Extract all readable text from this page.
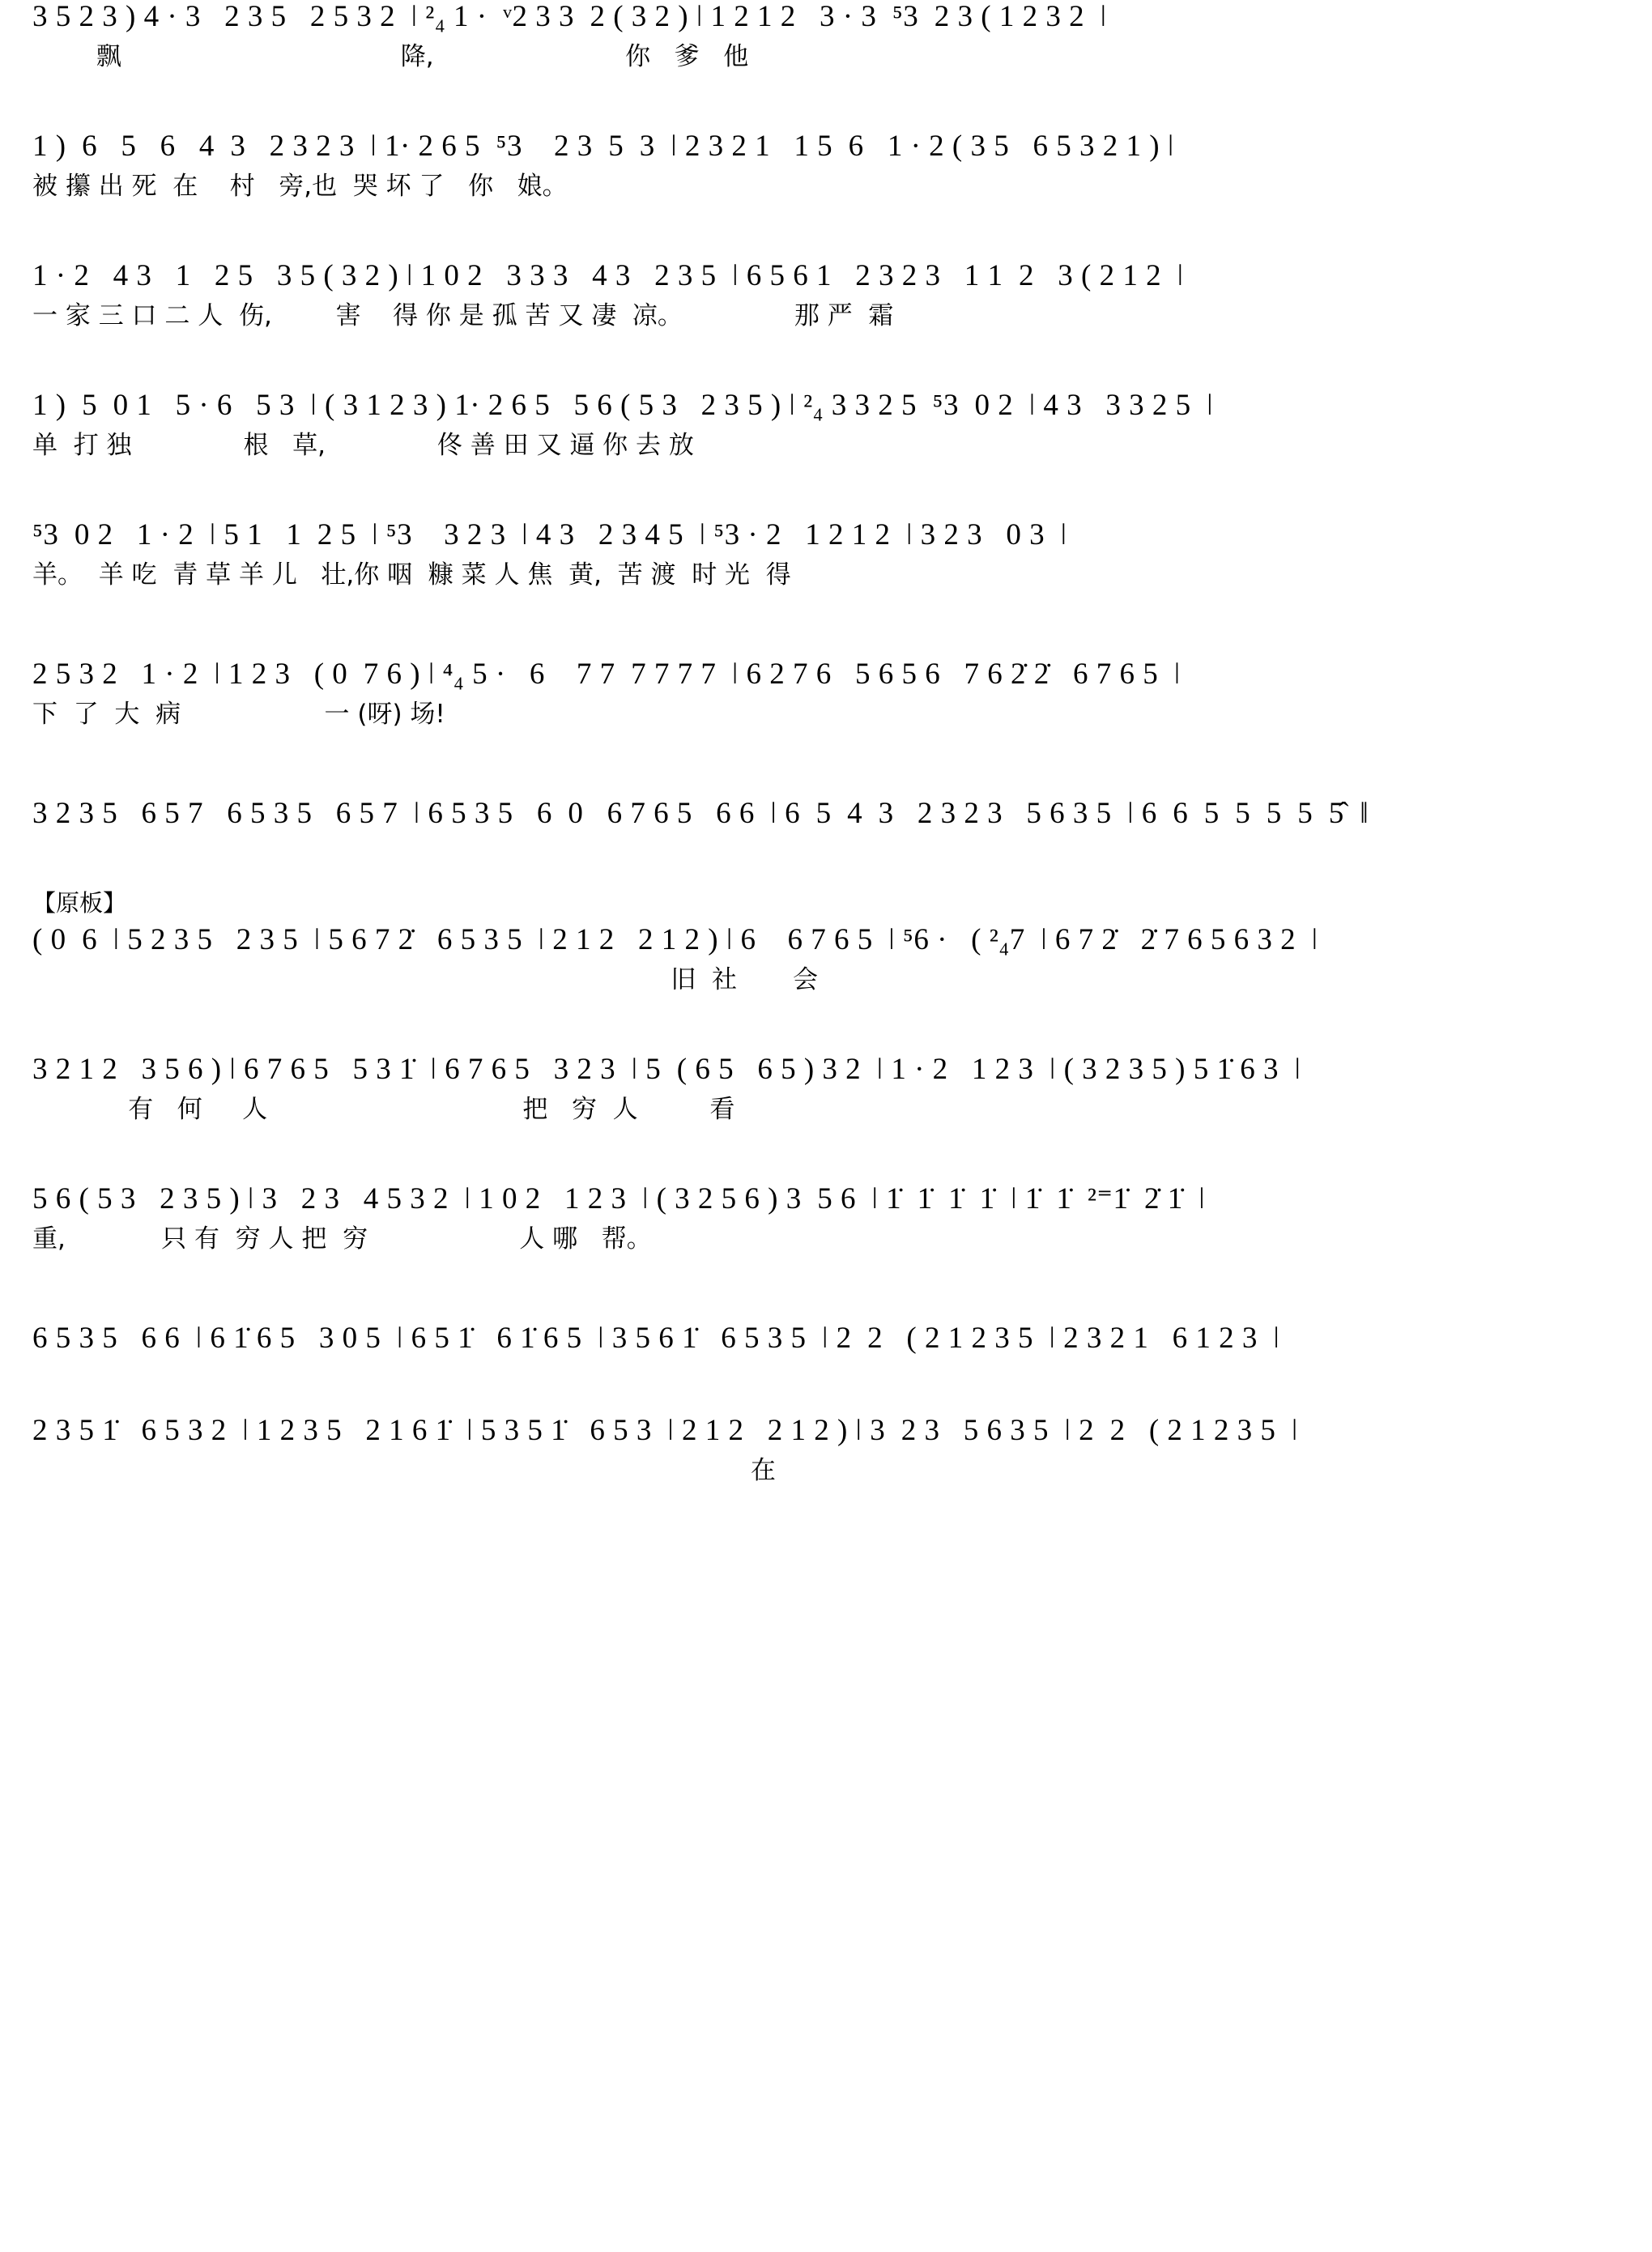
3 5 2 3 ) 4 · 3   2 3 5   2 5 3 2  ǀ ²₄ 1 ·  ᵛ2 3 3  2 ( 3 2 ) ǀ 1 2 1 2   3 · 3  ⁵3  2 3 ( 1 2 3 2  ǀ
飘                                   降,                        你   爹   他
1 )  6   5   6   4  3   2 3 2 3  ǀ 1· 2 6 5  ⁵3    2 3  5  3  ǀ 2 3 2 1   1 5  6   1 · 2 ( 3 5   6 5 3 2 1 ) ǀ
被 攥 出 死  在    村   旁,也  哭 坏 了   你   娘。
1 · 2   4 3   1   2 5   3 5 ( 3 2 ) ǀ 1 0 2   3 3 3   4 3   2 3 5  ǀ 6 5 6 1   2 3 2 3   1 1  2   3 ( 2 1 2  ǀ
一 家 三 口 二 人  伤,        害    得 你 是 孤 苦 又 凄  凉。              那 严  霜
1 )  5  0 1   5 · 6   5 3  ǀ ( 3 1 2 3 ) 1· 2 6 5   5 6 ( 5 3   2 3 5 ) ǀ ²₄ 3 3 2 5  ⁵3  0 2  ǀ 4 3   3 3 2 5  ǀ
单  打 独              根   草,              佟 善 田 又 逼 你 去 放
⁵3  0 2   1 · 2  ǀ 5 1   1  2 5  ǀ ⁵3    3 2 3  ǀ 4 3   2 3 4 5  ǀ ⁵3 · 2   1 2 1 2  ǀ 3 2 3   0 3  ǀ
羊。  羊 吃  青 草 羊 儿   壮,你 咽  糠 菜 人 焦  黄,  苦 渡  时 光  得
2 5 3 2   1 · 2  ǀ 1 2 3   ( 0  7 6 ) ǀ ⁴₄ 5 ·   6    7 7  7 7 7 7  ǀ 6 2 7 6   5 6 5 6   7 6 2̇ 2̇   6 7 6 5  ǀ
下  了  大  病                  一 (呀) 场!
3 2 3 5   6 5 7   6 5 3 5   6 5 7  ǀ 6 5 3 5   6  0   6 7 6 5   6 6  ǀ 6  5  4  3   2 3 2 3   5 6 3 5  ǀ 6  6  5  5  5  5  5̂  ǁ
【原板】
( 0  6  ǀ 5 2 3 5   2 3 5  ǀ 5 6 7 2̇   6 5 3 5  ǀ 2 1 2   2 1 2 ) ǀ 6    6 7 6 5  ǀ ⁵6 ·   ( ²₄7  ǀ 6 7 2̇   2̇ 7 6 5 6 3 2  ǀ
旧  社       会
3 2 1 2   3 5 6 ) ǀ 6 7 6 5   5 3 1̇  ǀ 6 7 6 5   3 2 3  ǀ 5  ( 6 5   6 5 ) 3 2  ǀ 1 · 2   1 2 3  ǀ ( 3 2 3 5 ) 5 1̇ 6 3  ǀ
有   何     人                                把   穷  人         看
5 6 ( 5 3   2 3 5 ) ǀ 3   2 3   4 5 3 2  ǀ 1 0 2   1 2 3  ǀ ( 3 2 5 6 ) 3  5 6  ǀ 1̇  1̇  1̇  1̇  ǀ 1̇  1̇  ²⁼1̇  2̇ 1̇  ǀ
重,            只 有  穷 人 把  穷                   人 哪   帮。
6 5 3 5   6 6  ǀ 6 1̇ 6 5   3 0 5  ǀ 6 5 1̇   6 1̇ 6 5  ǀ 3 5 6 1̇   6 5 3 5  ǀ 2  2   ( 2 1 2 3 5  ǀ 2 3 2 1   6 1 2 3  ǀ
2 3 5 1̇   6 5 3 2  ǀ 1 2 3 5   2 1 6 1̇  ǀ 5 3 5 1̇   6 5 3  ǀ 2 1 2   2 1 2 ) ǀ 3  2 3   5 6 3 5  ǀ 2  2   ( 2 1 2 3 5  ǀ
在
